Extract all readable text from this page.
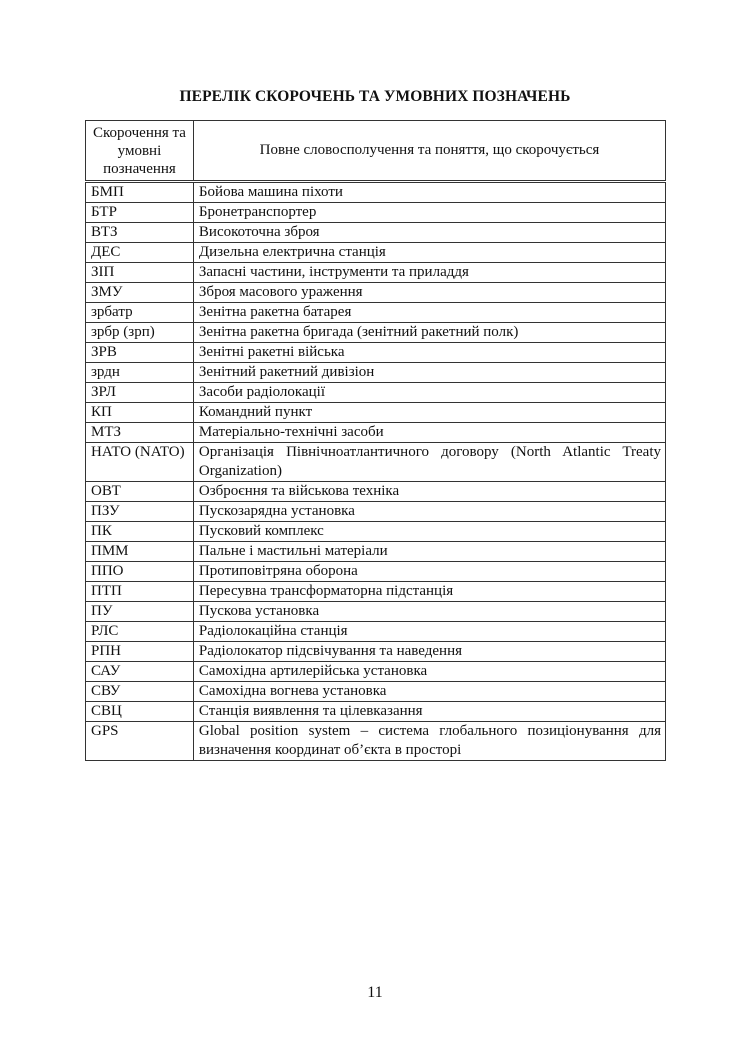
ПЕРЕЛІК СКОРОЧЕНЬ ТА УМОВНИХ ПОЗНАЧЕНЬ
Скорочення та умовні позначення	Повне словосполучення та поняття, що скорочується
БМП	Бойова машина піхоти
БТР	Бронетранспортер
ВТЗ	Високоточна зброя
ДЕС	Дизельна електрична станція
ЗІП	Запасні частини, інструменти та приладдя
ЗМУ	Зброя масового ураження
зрбатр	Зенітна ракетна батарея
зрбр (зрп)	Зенітна ракетна бригада (зенітний ракетний полк)
ЗРВ	Зенітні ракетні війська
зрдн	Зенітний ракетний дивізіон
ЗРЛ	Засоби радіолокації
КП	Командний пункт
МТЗ	Матеріально-технічні засоби
НАТО (NATO)	Організація Північноатлантичного договору (North Atlantic Treaty Organization)
ОВТ	Озброєння та військова техніка
ПЗУ	Пускозарядна установка
ПК	Пусковий комплекс
ПММ	Пальне і мастильні матеріали
ППО	Протиповітряна оборона
ПТП	Пересувна трансформаторна підстанція
ПУ	Пускова установка
РЛС	Радіолокаційна станція
РПН	Радіолокатор підсвічування та наведення
САУ	Самохідна артилерійська установка
СВУ	Самохідна вогнева установка
СВЦ	Станція виявлення та цілевказання
GPS	Global position system – система глобального позиціонування для визначення координат об’єкта в просторі
11
